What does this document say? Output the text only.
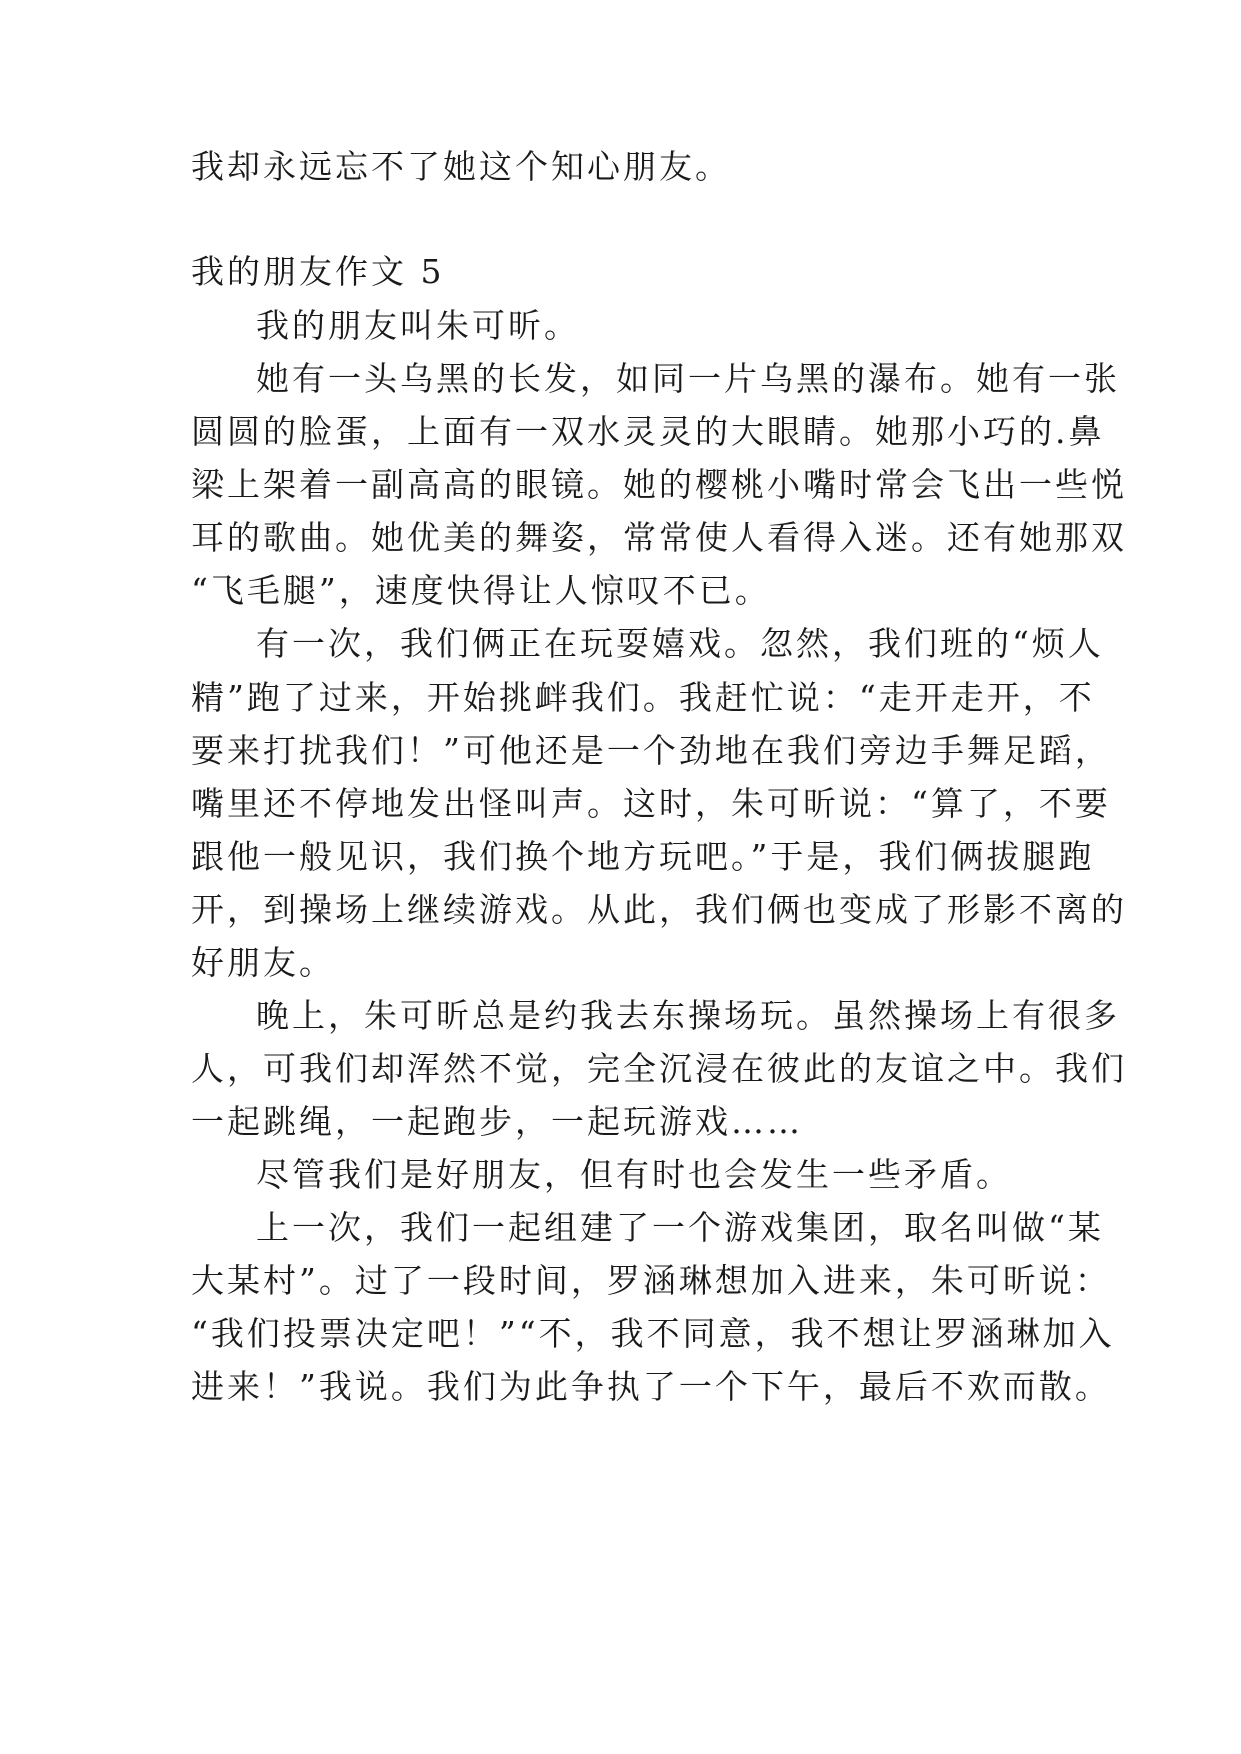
我却永远忘不了她这个知心朋友。
我的朋友作文 5
我的朋友叫朱可昕。
她有一头乌黑的长发，如同一片乌黑的瀑布。她有一张
圆圆的脸蛋，上面有一双水灵灵的大眼睛。她那小巧的.鼻
梁上架着一副高高的眼镜。她的樱桃小嘴时常会飞出一些悦
耳的歌曲。她优美的舞姿，常常使人看得入迷。还有她那双
“飞毛腿”，速度快得让人惊叹不已。
有一次，我们俩正在玩耍嬉戏。忽然，我们班的“烦人
精”跑了过来，开始挑衅我们。我赶忙说：“走开走开，不
要来打扰我们！”可他还是一个劲地在我们旁边手舞足蹈，
嘴里还不停地发出怪叫声。这时，朱可昕说：“算了，不要
跟他一般见识，我们换个地方玩吧。”于是，我们俩拔腿跑
开，到操场上继续游戏。从此，我们俩也变成了形影不离的
好朋友。
晚上，朱可昕总是约我去东操场玩。虽然操场上有很多
人，可我们却浑然不觉，完全沉浸在彼此的友谊之中。我们
一起跳绳，一起跑步，一起玩游戏……
尽管我们是好朋友，但有时也会发生一些矛盾。
上一次，我们一起组建了一个游戏集团，取名叫做“某
大某村”。过了一段时间，罗涵琳想加入进来，朱可昕说：
“我们投票决定吧！”“不，我不同意，我不想让罗涵琳加入
进来！”我说。我们为此争执了一个下午，最后不欢而散。
